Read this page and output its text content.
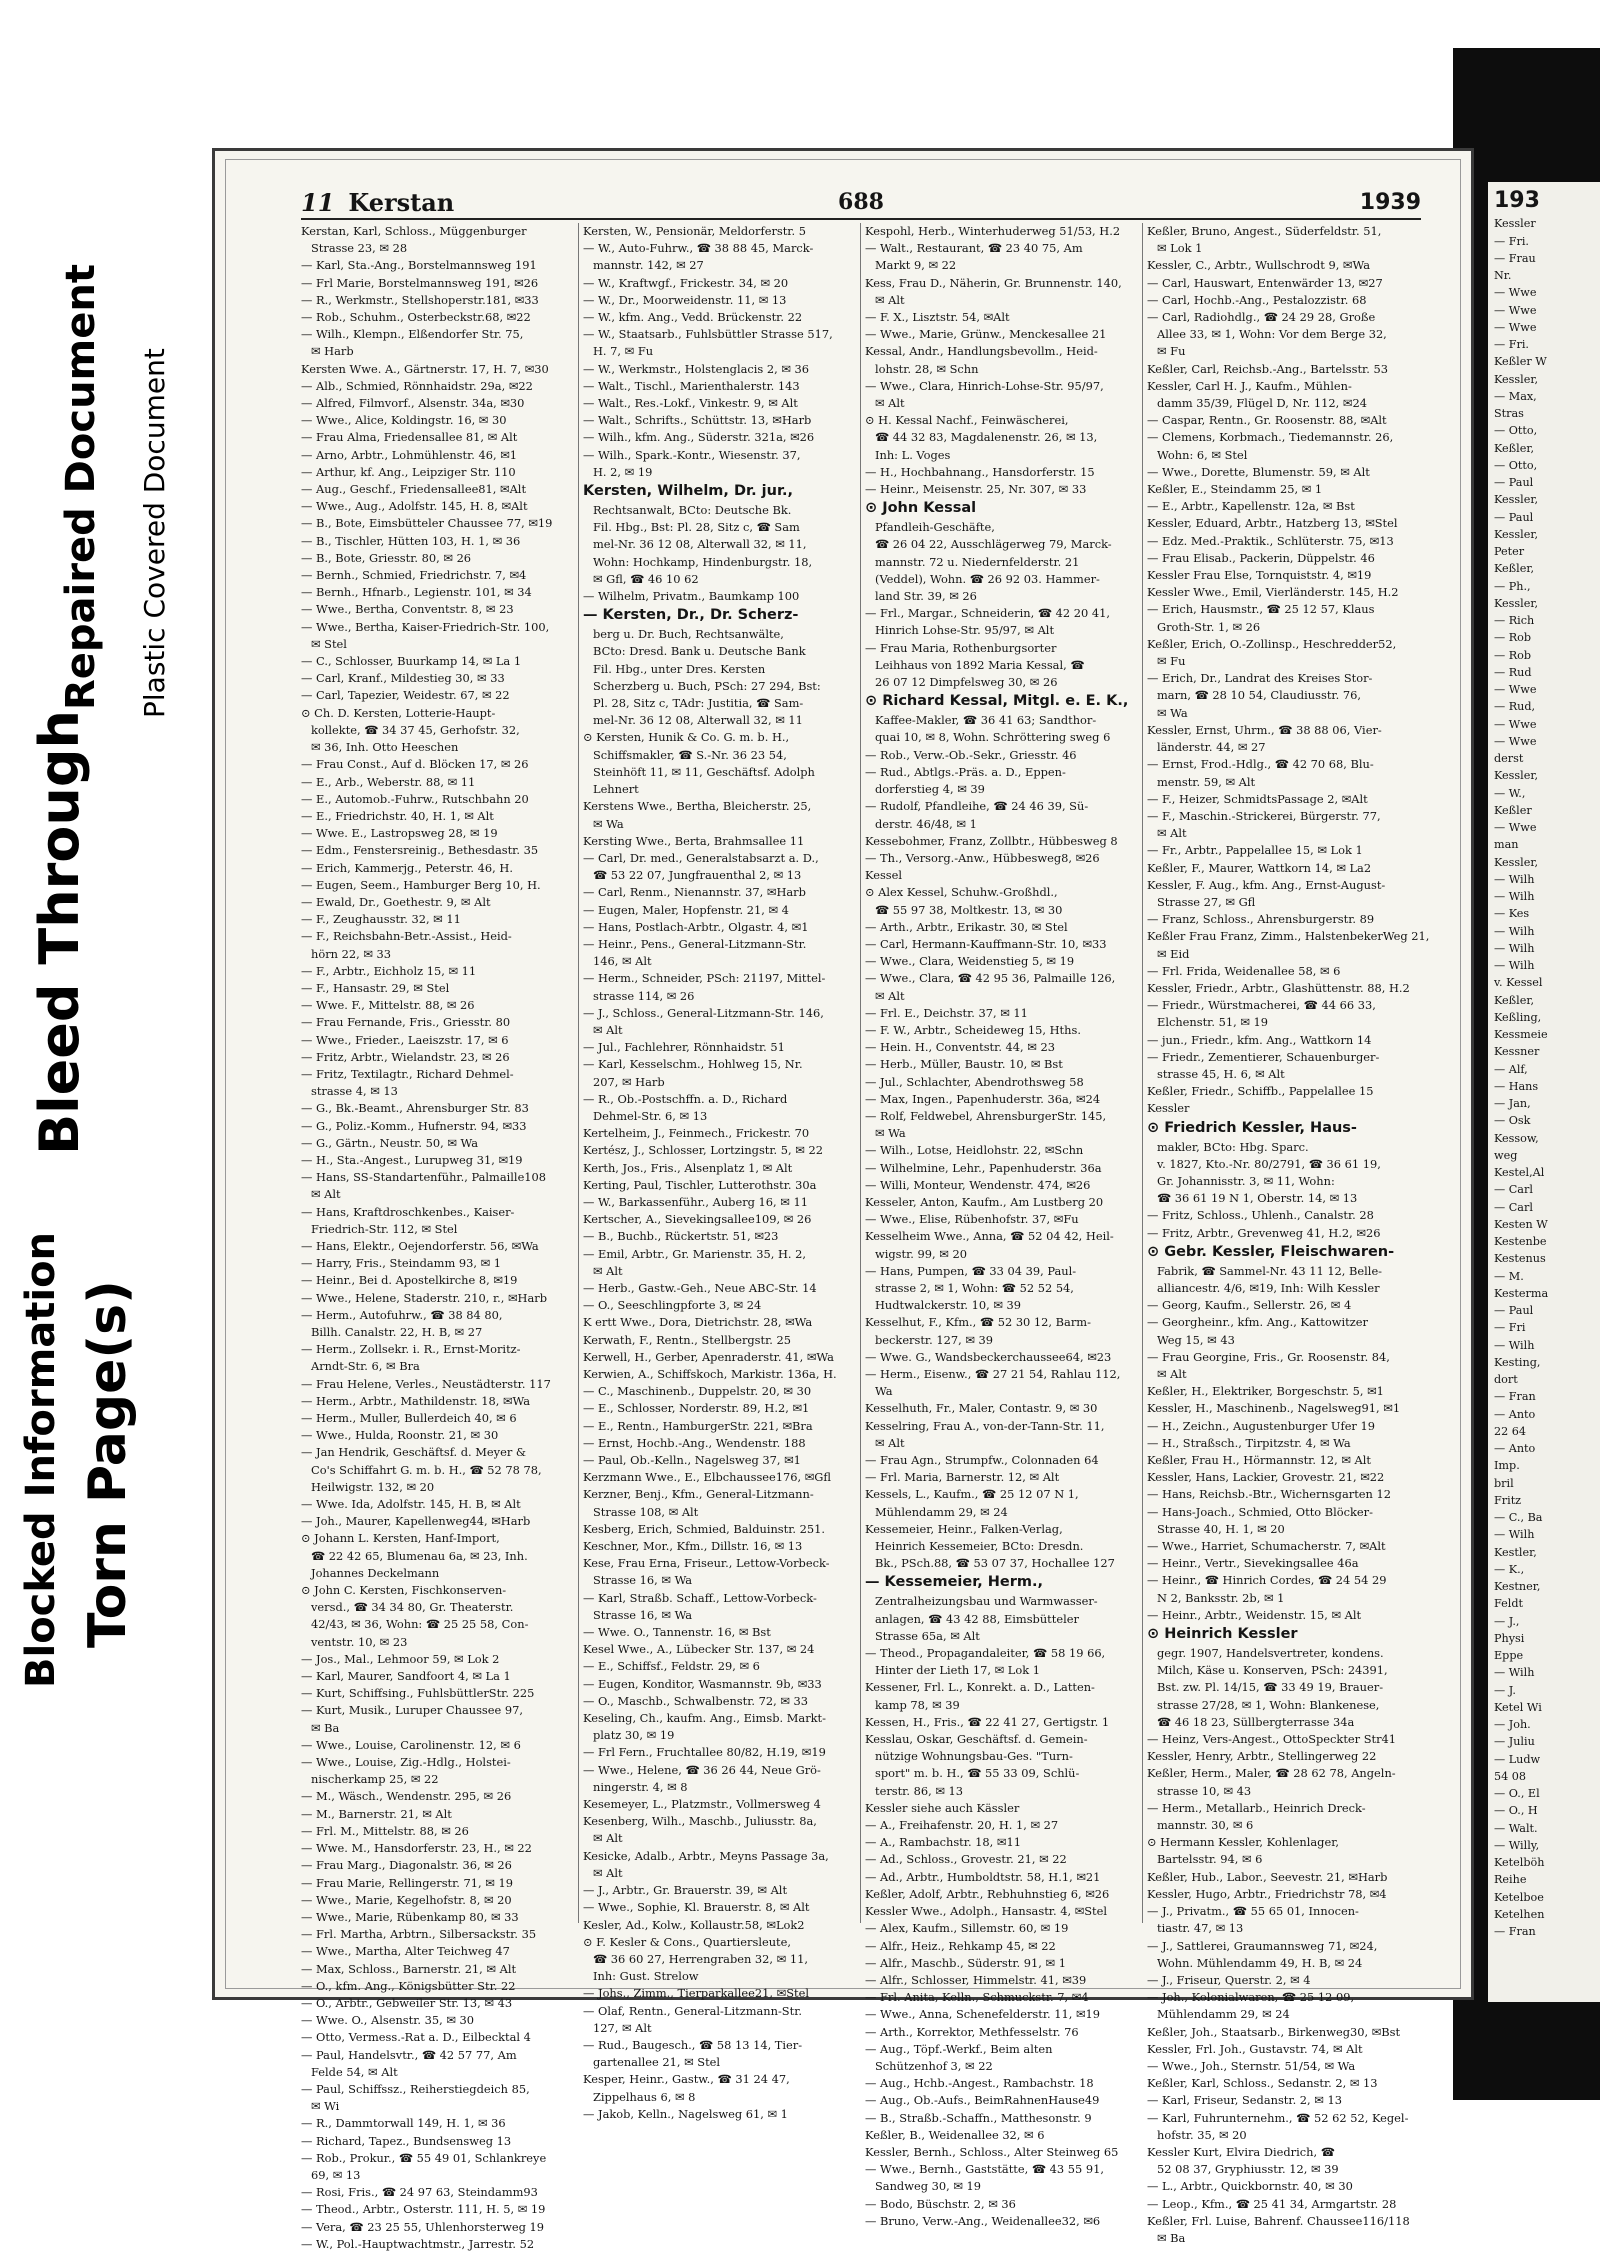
193
Kessler
— Fri.
— Frau
Nr.
— Wwe
— Wwe
— Wwe
— Fri.
Keßler W
Kessler,
— Max,
Stras
— Otto,
Keßler,
— Otto,
— Paul
Kessler,
— Paul
Kessler,
Peter
Keßler,
— Ph.,
Kessler,
— Rich
— Rob
— Rob
— Rud
— Wwe
— Rud,
— Wwe
— Wwe
derst
Kessler,
— W.,
Keßler
— Wwe
man
Kessler,
— Wilh
— Wilh
— Kes
— Wilh
— Wilh
— Wilh
v. Kessel
Keßler,
Keßling,
Kessmeie
Kessner
— Alf,
— Hans
— Jan,
— Osk
Kessow,
weg
Kestel,Al
— Carl
— Carl
Kesten W
Kestenbe
Kestenus
— M.
Kesterma
— Paul
— Fri
— Wilh
Kesting,
dort
— Fran
— Anto
22 64
— Anto
Imp.
bril
Fritz
— C., Ba
— Wilh
Kestler,
— K.,
Kestner,
Feldt
— J.,
Physi
Eppe
— Wilh
— J.
Ketel Wi
— Joh.
— Juliu
— Ludw
54 08
— O., El
— O., H
— Walt.
— Willy,
Ketelböh
Reihe
Ketelboe
Ketelhen
— Fran
11 Kerstan	688	1939
Kerstan, Karl, Schloss., Müggenburger
Strasse 23, ✉ 28
— Karl, Sta.-Ang., Borstelmannsweg 191
— Frl Marie, Borstelmannsweg 191, ✉26
— R., Werkmstr., Stellshoperstr.181, ✉33
— Rob., Schuhm., Osterbeckstr.68, ✉22
— Wilh., Klempn., Elßendorfer Str. 75,
✉ Harb
Kersten Wwe. A., Gärtnerstr. 17, H. 7, ✉30
— Alb., Schmied, Rönnhaidstr. 29a, ✉22
— Alfred, Filmvorf., Alsenstr. 34a, ✉30
— Wwe., Alice, Koldingstr. 16, ✉ 30
— Frau Alma, Friedensallee 81, ✉ Alt
— Arno, Arbtr., Lohmühlenstr. 46, ✉1
— Arthur, kf. Ang., Leipziger Str. 110
— Aug., Geschf., Friedensallee81, ✉Alt
— Wwe., Aug., Adolfstr. 145, H. 8, ✉Alt
— B., Bote, Eimsbütteler Chaussee 77, ✉19
— B., Tischler, Hütten 103, H. 1, ✉ 36
— B., Bote, Griesstr. 80, ✉ 26
— Bernh., Schmied, Friedrichstr. 7, ✉4
— Bernh., Hfnarb., Legienstr. 101, ✉ 34
— Wwe., Bertha, Conventstr. 8, ✉ 23
— Wwe., Bertha, Kaiser-Friedrich-Str. 100,
✉ Stel
— C., Schlosser, Buurkamp 14, ✉ La 1
— Carl, Kranf., Mildestieg 30, ✉ 33
— Carl, Tapezier, Weidestr. 67, ✉ 22
⊙ Ch. D. Kersten, Lotterie-Haupt-
kollekte, ☎ 34 37 45, Gerhofstr. 32,
✉ 36, Inh. Otto Heeschen
— Frau Const., Auf d. Blöcken 17, ✉ 26
— E., Arb., Weberstr. 88, ✉ 11
— E., Automob.-Fuhrw., Rutschbahn 20
— E., Friedrichstr. 40, H. 1, ✉ Alt
— Wwe. E., Lastropsweg 28, ✉ 19
— Edm., Fenstersreinig., Bethesdastr. 35
— Erich, Kammerjg., Peterstr. 46, H.
— Eugen, Seem., Hamburger Berg 10, H.
— Ewald, Dr., Goethestr. 9, ✉ Alt
— F., Zeughausstr. 32, ✉ 11
— F., Reichsbahn-Betr.-Assist., Heid-
hörn 22, ✉ 33
— F., Arbtr., Eichholz 15, ✉ 11
— F., Hansastr. 29, ✉ Stel
— Wwe. F., Mittelstr. 88, ✉ 26
— Frau Fernande, Fris., Griesstr. 80
— Wwe., Frieder., Laeiszstr. 17, ✉ 6
— Fritz, Arbtr., Wielandstr. 23, ✉ 26
— Fritz, Textilagtr., Richard Dehmel-
strasse 4, ✉ 13
— G., Bk.-Beamt., Ahrensburger Str. 83
— G., Poliz.-Komm., Hufnerstr. 94, ✉33
— G., Gärtn., Neustr. 50, ✉ Wa
— H., Sta.-Angest., Lurupweg 31, ✉19
— Hans, SS-Standartenführ., Palmaille108
✉ Alt
— Hans, Kraftdroschkenbes., Kaiser-
Friedrich-Str. 112, ✉ Stel
— Hans, Elektr., Oejendorferstr. 56, ✉Wa
— Harry, Fris., Steindamm 93, ✉ 1
— Heinr., Bei d. Apostelkirche 8, ✉19
— Wwe., Helene, Staderstr. 210, r., ✉Harb
— Herm., Autofuhrw., ☎ 38 84 80,
Billh. Canalstr. 22, H. B, ✉ 27
— Herm., Zollsekr. i. R., Ernst-Moritz-
Arndt-Str. 6, ✉ Bra
— Frau Helene, Verles., Neustädterstr. 117
— Herm., Arbtr., Mathildenstr. 18, ✉Wa
— Herm., Muller, Bullerdeich 40, ✉ 6
— Wwe., Hulda, Roonstr. 21, ✉ 30
— Jan Hendrik, Geschäftsf. d. Meyer &
Co's Schiffahrt G. m. b. H., ☎ 52 78 78,
Heilwigstr. 132, ✉ 20
— Wwe. Ida, Adolfstr. 145, H. B, ✉ Alt
— Joh., Maurer, Kapellenweg44, ✉Harb
⊙ Johann L. Kersten, Hanf-Import,
☎ 22 42 65, Blumenau 6a, ✉ 23, Inh.
Johannes Deckelmann
⊙ John C. Kersten, Fischkonserven-
versd., ☎ 34 34 80, Gr. Theaterstr.
42/43, ✉ 36, Wohn: ☎ 25 25 58, Con-
ventstr. 10, ✉ 23
— Jos., Mal., Lehmoor 59, ✉ Lok 2
— Karl, Maurer, Sandfoort 4, ✉ La 1
— Kurt, Schiffsing., FuhlsbüttlerStr. 225
— Kurt, Musik., Luruper Chaussee 97,
✉ Ba
— Wwe., Louise, Carolinenstr. 12, ✉ 6
— Wwe., Louise, Zig.-Hdlg., Holstei-
nischerkamp 25, ✉ 22
— M., Wäsch., Wendenstr. 295, ✉ 26
— M., Barnerstr. 21, ✉ Alt
— Frl. M., Mittelstr. 88, ✉ 26
— Wwe. M., Hansdorferstr. 23, H., ✉ 22
— Frau Marg., Diagonalstr. 36, ✉ 26
— Frau Marie, Rellingerstr. 71, ✉ 19
— Wwe., Marie, Kegelhofstr. 8, ✉ 20
— Wwe., Marie, Rübenkamp 80, ✉ 33
— Frl. Martha, Arbtrn., Silbersackstr. 35
— Wwe., Martha, Alter Teichweg 47
— Max, Schloss., Barnerstr. 21, ✉ Alt
— O., kfm. Ang., Königsbütter Str. 22
— O., Arbtr., Gebweiler Str. 13, ✉ 43
— Wwe. O., Alsenstr. 35, ✉ 30
— Otto, Vermess.-Rat a. D., Eilbecktal 4
— Paul, Handelsvtr., ☎ 42 57 77, Am
Felde 54, ✉ Alt
— Paul, Schiffssz., Reiherstiegdeich 85,
✉ Wi
— R., Dammtorwall 149, H. 1, ✉ 36
— Richard, Tapez., Bundsensweg 13
— Rob., Prokur., ☎ 55 49 01, Schlankreye
69, ✉ 13
— Rosi, Fris., ☎ 24 97 63, Steindamm93
— Theod., Arbtr., Osterstr. 111, H. 5, ✉ 19
— Vera, ☎ 23 25 55, Uhlenhorsterweg 19
— W., Pol.-Hauptwachtmstr., Jarrestr. 52
Kersten, W., Pensionär, Meldorferstr. 5
— W., Auto-Fuhrw., ☎ 38 88 45, Marck-
mannstr. 142, ✉ 27
— W., Kraftwgf., Frickestr. 34, ✉ 20
— W., Dr., Moorweidenstr. 11, ✉ 13
— W., kfm. Ang., Vedd. Brückenstr. 22
— W., Staatsarb., Fuhlsbüttler Strasse 517,
H. 7, ✉ Fu
— W., Werkmstr., Holstenglacis 2, ✉ 36
— Walt., Tischl., Marienthalerstr. 143
— Walt., Res.-Lokf., Vinkestr. 9, ✉ Alt
— Walt., Schrifts., Schüttstr. 13, ✉Harb
— Wilh., kfm. Ang., Süderstr. 321a, ✉26
— Wilh., Spark.-Kontr., Wiesenstr. 37,
H. 2, ✉ 19
Kersten, Wilhelm, Dr. jur.,
Rechtsanwalt, BCto: Deutsche Bk.
Fil. Hbg., Bst: Pl. 28, Sitz c, ☎ Sam
mel-Nr. 36 12 08, Alterwall 32, ✉ 11,
Wohn: Hochkamp, Hindenburgstr. 18,
✉ Gfl, ☎ 46 10 62
— Wilhelm, Privatm., Baumkamp 100
— Kersten, Dr., Dr. Scherz-
berg u. Dr. Buch, Rechtsanwälte,
BCto: Dresd. Bank u. Deutsche Bank
Fil. Hbg., unter Dres. Kersten
Scherzberg u. Buch, PSch: 27 294, Bst:
Pl. 28, Sitz c, TAdr: Justitia, ☎ Sam-
mel-Nr. 36 12 08, Alterwall 32, ✉ 11
⊙ Kersten, Hunik & Co. G. m. b. H.,
Schiffsmakler, ☎ S.-Nr. 36 23 54,
Steinhöft 11, ✉ 11, Geschäftsf. Adolph
Lehnert
Kerstens Wwe., Bertha, Bleicherstr. 25,
✉ Wa
Kersting Wwe., Berta, Brahmsallee 11
— Carl, Dr. med., Generalstabsarzt a. D.,
☎ 53 22 07, Jungfrauenthal 2, ✉ 13
— Carl, Renm., Nienannstr. 37, ✉Harb
— Eugen, Maler, Hopfenstr. 21, ✉ 4
— Hans, Postlach-Arbtr., Olgastr. 4, ✉1
— Heinr., Pens., General-Litzmann-Str.
146, ✉ Alt
— Herm., Schneider, PSch: 21197, Mittel-
strasse 114, ✉ 26
— J., Schloss., General-Litzmann-Str. 146,
✉ Alt
— Jul., Fachlehrer, Rönnhaidstr. 51
— Karl, Kesselschm., Hohlweg 15, Nr.
207, ✉ Harb
— R., Ob.-Postschffn. a. D., Richard
Dehmel-Str. 6, ✉ 13
Kertelheim, J., Feinmech., Frickestr. 70
Kertész, J., Schlosser, Lortzingstr. 5, ✉ 22
Kerth, Jos., Fris., Alsenplatz 1, ✉ Alt
Kerting, Paul, Tischler, Lutterothstr. 30a
— W., Barkassenführ., Auberg 16, ✉ 11
Kertscher, A., Sievekingsallee109, ✉ 26
— B., Buchb., Rückertstr. 51, ✉23
— Emil, Arbtr., Gr. Marienstr. 35, H. 2,
✉ Alt
— Herb., Gastw.-Geh., Neue ABC-Str. 14
— O., Seeschlingpforte 3, ✉ 24
K ertt Wwe., Dora, Dietrichstr. 28, ✉Wa
Kerwath, F., Rentn., Stellbergstr. 25
Kerwell, H., Gerber, Apenraderstr. 41, ✉Wa
Kerwien, A., Schiffskoch, Markistr. 136a, H.
— C., Maschinenb., Duppelstr. 20, ✉ 30
— E., Schlosser, Norderstr. 89, H.2, ✉1
— E., Rentn., HamburgerStr. 221, ✉Bra
— Ernst, Hochb.-Ang., Wendenstr. 188
— Paul, Ob.-Kelln., Nagelsweg 37, ✉1
Kerzmann Wwe., E., Elbchaussee176, ✉Gfl
Kerzner, Benj., Kfm., General-Litzmann-
Strasse 108, ✉ Alt
Kesberg, Erich, Schmied, Balduinstr. 251.
Keschner, Mor., Kfm., Dillstr. 16, ✉ 13
Kese, Frau Erna, Friseur., Lettow-Vorbeck-
Strasse 16, ✉ Wa
— Karl, Straßb. Schaff., Lettow-Vorbeck-
Strasse 16, ✉ Wa
— Wwe. O., Tannenstr. 16, ✉ Bst
Kesel Wwe., A., Lübecker Str. 137, ✉ 24
— E., Schiffsf., Feldstr. 29, ✉ 6
— Eugen, Konditor, Wasmannstr. 9b, ✉33
— O., Maschb., Schwalbenstr. 72, ✉ 33
Keseling, Ch., kaufm. Ang., Eimsb. Markt-
platz 30, ✉ 19
— Frl Fern., Fruchtallee 80/82, H.19, ✉19
— Wwe., Helene, ☎ 36 26 44, Neue Grö-
ningerstr. 4, ✉ 8
Kesemeyer, L., Platzmstr., Vollmersweg 4
Kesenberg, Wilh., Maschb., Juliusstr. 8a,
✉ Alt
Kesicke, Adalb., Arbtr., Meyns Passage 3a,
✉ Alt
— J., Arbtr., Gr. Brauerstr. 39, ✉ Alt
— Wwe., Sophie, Kl. Brauerstr. 8, ✉ Alt
Kesler, Ad., Kolw., Kollaustr.58, ✉Lok2
⊙ F. Kesler & Cons., Quartiersleute,
☎ 36 60 27, Herrengraben 32, ✉ 11,
Inh: Gust. Strelow
— Johs., Zimm., Tierparkallee21, ✉Stel
— Olaf, Rentn., General-Litzmann-Str.
127, ✉ Alt
— Rud., Baugesch., ☎ 58 13 14, Tier-
gartenallee 21, ✉ Stel
Kesper, Heinr., Gastw., ☎ 31 24 47,
Zippelhaus 6, ✉ 8
— Jakob, Kelln., Nagelsweg 61, ✉ 1
Kespohl, Herb., Winterhuderweg 51/53, H.2
— Walt., Restaurant, ☎ 23 40 75, Am
Markt 9, ✉ 22
Kess, Frau D., Näherin, Gr. Brunnenstr. 140,
✉ Alt
— F. X., Lisztstr. 54, ✉Alt
— Wwe., Marie, Grünw., Menckesallee 21
Kessal, Andr., Handlungsbevollm., Heid-
lohstr. 28, ✉ Schn
— Wwe., Clara, Hinrich-Lohse-Str. 95/97,
✉ Alt
⊙ H. Kessal Nachf., Feinwäscherei,
☎ 44 32 83, Magdalenenstr. 26, ✉ 13,
Inh: L. Voges
— H., Hochbahnang., Hansdorferstr. 15
— Heinr., Meisenstr. 25, Nr. 307, ✉ 33
⊙ John Kessal
Pfandleih-Geschäfte,
☎ 26 04 22, Ausschlägerweg 79, Marck-
mannstr. 72 u. Niedernfelderstr. 21
(Veddel), Wohn. ☎ 26 92 03. Hammer-
land Str. 39, ✉ 26
— Frl., Margar., Schneiderin, ☎ 42 20 41,
Hinrich Lohse-Str. 95/97, ✉ Alt
— Frau Maria, Rothenburgsorter
Leihhaus von 1892 Maria Kessal, ☎
26 07 12 Dimpfelsweg 30, ✉ 26
⊙ Richard Kessal, Mitgl. e. E. K.,
Kaffee-Makler, ☎ 36 41 63; Sandthor-
quai 10, ✉ 8, Wohn. Schröttering sweg 6
— Rob., Verw.-Ob.-Sekr., Griesstr. 46
— Rud., Abtlgs.-Präs. a. D., Eppen-
dorferstieg 4, ✉ 39
— Rudolf, Pfandleihe, ☎ 24 46 39, Sü-
derstr. 46/48, ✉ 1
Kessebohmer, Franz, Zollbtr., Hübbesweg 8
— Th., Versorg.-Anw., Hübbesweg8, ✉26
Kessel
⊙ Alex Kessel, Schuhw.-Großhdl.,
☎ 55 97 38, Moltkestr. 13, ✉ 30
— Arth., Arbtr., Erikastr. 30, ✉ Stel
— Carl, Hermann-Kauffmann-Str. 10, ✉33
— Wwe., Clara, Weidenstieg 5, ✉ 19
— Wwe., Clara, ☎ 42 95 36, Palmaille 126,
✉ Alt
— Frl. E., Deichstr. 37, ✉ 11
— F. W., Arbtr., Scheideweg 15, Hths.
— Hein. H., Conventstr. 44, ✉ 23
— Herb., Müller, Baustr. 10, ✉ Bst
— Jul., Schlachter, Abendrothsweg 58
— Max, Ingen., Papenhuderstr. 36a, ✉24
— Rolf, Feldwebel, AhrensburgerStr. 145,
✉ Wa
— Wilh., Lotse, Heidlohstr. 22, ✉Schn
— Wilhelmine, Lehr., Papenhuderstr. 36a
— Willi, Monteur, Wendenstr. 474, ✉26
Kesseler, Anton, Kaufm., Am Lustberg 20
— Wwe., Elise, Rübenhofstr. 37, ✉Fu
Kesselheim Wwe., Anna, ☎ 52 04 42, Heil-
wigstr. 99, ✉ 20
— Hans, Pumpen, ☎ 33 04 39, Paul-
strasse 2, ✉ 1, Wohn: ☎ 52 52 54,
Hudtwalckerstr. 10, ✉ 39
Kesselhut, F., Kfm., ☎ 52 30 12, Barm-
beckerstr. 127, ✉ 39
— Wwe. G., Wandsbeckerchaussee64, ✉23
— Herm., Eisenw., ☎ 27 21 54, Rahlau 112,
Wa
Kesselhuth, Fr., Maler, Contastr. 9, ✉ 30
Kesselring, Frau A., von-der-Tann-Str. 11,
✉ Alt
— Frau Agn., Strumpfw., Colonnaden 64
— Frl. Maria, Barnerstr. 12, ✉ Alt
Kessels, L., Kaufm., ☎ 25 12 07 N 1,
Mühlendamm 29, ✉ 24
Kessemeier, Heinr., Falken-Verlag,
Heinrich Kessemeier, BCto: Dresdn.
Bk., PSch.88, ☎ 53 07 37, Hochallee 127
— Kessemeier, Herm.,
Zentralheizungsbau und Warmwasser-
anlagen, ☎ 43 42 88, Eimsbütteler
Strasse 65a, ✉ Alt
— Theod., Propagandaleiter, ☎ 58 19 66,
Hinter der Lieth 17, ✉ Lok 1
Kessener, Frl. L., Konrekt. a. D., Latten-
kamp 78, ✉ 39
Kessen, H., Fris., ☎ 22 41 27, Gertigstr. 1
Kesslau, Oskar, Geschäftsf. d. Gemein-
nützige Wohnungsbau-Ges. "Turn-
sport" m. b. H., ☎ 55 33 09, Schlü-
terstr. 86, ✉ 13
Kessler siehe auch Kässler
— A., Freihafenstr. 20, H. 1, ✉ 27
— A., Rambachstr. 18, ✉11
— Ad., Schloss., Grovestr. 21, ✉ 22
— Ad., Arbtr., Humboldtstr. 58, H.1, ✉21
Keßler, Adolf, Arbtr., Rebhuhnstieg 6, ✉26
Kessler Wwe., Adolph., Hansastr. 4, ✉Stel
— Alex, Kaufm., Sillemstr. 60, ✉ 19
— Alfr., Heiz., Rehkamp 45, ✉ 22
— Alfr., Maschb., Süderstr. 91, ✉ 1
— Alfr., Schlosser, Himmelstr. 41, ✉39
— Frl. Anita, Kelln., Schmuckstr. 7, ✉4
— Wwe., Anna, Schenefelderstr. 11, ✉19
— Arth., Korrektor, Methfesselstr. 76
— Aug., Töpf.-Werkf., Beim alten
Schützenhof 3, ✉ 22
— Aug., Hchb.-Angest., Rambachstr. 18
— Aug., Ob.-Aufs., BeimRahnenHause49
— B., Straßb.-Schaffn., Matthesonstr. 9
Keßler, B., Weidenallee 32, ✉ 6
Kessler, Bernh., Schloss., Alter Steinweg 65
— Wwe., Bernh., Gaststätte, ☎ 43 55 91,
Sandweg 30, ✉ 19
— Bodo, Büschstr. 2, ✉ 36
— Bruno, Verw.-Ang., Weidenallee32, ✉6
Keßler, Bruno, Angest., Süderfeldstr. 51,
✉ Lok 1
Kessler, C., Arbtr., Wullschrodt 9, ✉Wa
— Carl, Hauswart, Entenwärder 13, ✉27
— Carl, Hochb.-Ang., Pestalozzistr. 68
— Carl, Radiohdlg., ☎ 24 29 28, Große
Allee 33, ✉ 1, Wohn: Vor dem Berge 32,
✉ Fu
Keßler, Carl, Reichsb.-Ang., Bartelsstr. 53
Kessler, Carl H. J., Kaufm., Mühlen-
damm 35/39, Flügel D, Nr. 112, ✉24
— Caspar, Rentn., Gr. Roosenstr. 88, ✉Alt
— Clemens, Korbmach., Tiedemannstr. 26,
Wohn: 6, ✉ Stel
— Wwe., Dorette, Blumenstr. 59, ✉ Alt
Keßler, E., Steindamm 25, ✉ 1
— E., Arbtr., Kapellenstr. 12a, ✉ Bst
Kessler, Eduard, Arbtr., Hatzberg 13, ✉Stel
— Edz. Med.-Praktik., Schlüterstr. 75, ✉13
— Frau Elisab., Packerin, Düppelstr. 46
Kessler Frau Else, Tornquiststr. 4, ✉19
Kessler Wwe., Emil, Vierländerstr. 145, H.2
— Erich, Hausmstr., ☎ 25 12 57, Klaus
Groth-Str. 1, ✉ 26
Keßler, Erich, O.-Zollinsp., Heschredder52,
✉ Fu
— Erich, Dr., Landrat des Kreises Stor-
marn, ☎ 28 10 54, Claudiusstr. 76,
✉ Wa
Kessler, Ernst, Uhrm., ☎ 38 88 06, Vier-
länderstr. 44, ✉ 27
— Ernst, Frod.-Hdlg., ☎ 42 70 68, Blu-
menstr. 59, ✉ Alt
— F., Heizer, SchmidtsPassage 2, ✉Alt
— F., Maschin.-Strickerei, Bürgerstr. 77,
✉ Alt
— Fr., Arbtr., Pappelallee 15, ✉ Lok 1
Keßler, F., Maurer, Wattkorn 14, ✉ La2
Kessler, F. Aug., kfm. Ang., Ernst-August-
Strasse 27, ✉ Gfl
— Franz, Schloss., Ahrensburgerstr. 89
Keßler Frau Franz, Zimm., HalstenbekerWeg 21,
✉ Eid
— Frl. Frida, Weidenallee 58, ✉ 6
Kessler, Friedr., Arbtr., Glashüttenstr. 88, H.2
— Friedr., Würstmacherei, ☎ 44 66 33,
Elchenstr. 51, ✉ 19
— jun., Friedr., kfm. Ang., Wattkorn 14
— Friedr., Zementierer, Schauenburger-
strasse 45, H. 6, ✉ Alt
Keßler, Friedr., Schiffb., Pappelallee 15
Kessler
⊙ Friedrich Kessler, Haus-
makler, BCto: Hbg. Sparc.
v. 1827, Kto.-Nr. 80/2791, ☎ 36 61 19,
Gr. Johannisstr. 3, ✉ 11, Wohn:
☎ 36 61 19 N 1, Oberstr. 14, ✉ 13
— Fritz, Schloss., Uhlenh., Canalstr. 28
— Fritz, Arbtr., Grevenweg 41, H.2, ✉26
⊙ Gebr. Kessler, Fleischwaren-
Fabrik, ☎ Sammel-Nr. 43 11 12, Belle-
alliancestr. 4/6, ✉19, Inh: Wilh Kessler
— Georg, Kaufm., Sellerstr. 26, ✉ 4
— Georgheinr., kfm. Ang., Kattowitzer
Weg 15, ✉ 43
— Frau Georgine, Fris., Gr. Roosenstr. 84,
✉ Alt
Keßler, H., Elektriker, Borgeschstr. 5, ✉1
Kessler, H., Maschinenb., Nagelsweg91, ✉1
— H., Zeichn., Augustenburger Ufer 19
— H., Straßsch., Tirpitzstr. 4, ✉ Wa
Keßler, Frau H., Hörmannstr. 12, ✉ Alt
Kessler, Hans, Lackier, Grovestr. 21, ✉22
— Hans, Reichsb.-Btr., Wichernsgarten 12
— Hans-Joach., Schmied, Otto Blöcker-
Strasse 40, H. 1, ✉ 20
— Wwe., Harriet, Schumacherstr. 7, ✉Alt
— Heinr., Vertr., Sievekingsallee 46a
— Heinr., ☎ Hinrich Cordes, ☎ 24 54 29
N 2, Banksstr. 2b, ✉ 1
— Heinr., Arbtr., Weidenstr. 15, ✉ Alt
⊙ Heinrich Kessler
gegr. 1907, Handelsvertreter, kondens.
Milch, Käse u. Konserven, PSch: 24391,
Bst. zw. Pl. 14/15, ☎ 33 49 19, Brauer-
strasse 27/28, ✉ 1, Wohn: Blankenese,
☎ 46 18 23, Süllbergterrasse 34a
— Heinz, Vers-Angest., OttoSpeckter Str41
Kessler, Henry, Arbtr., Stellingerweg 22
Keßler, Herm., Maler, ☎ 28 62 78, Angeln-
strasse 10, ✉ 43
— Herm., Metallarb., Heinrich Dreck-
mannstr. 30, ✉ 6
⊙ Hermann Kessler, Kohlenlager,
Bartelsstr. 94, ✉ 6
Keßler, Hub., Labor., Seevestr. 21, ✉Harb
Kessler, Hugo, Arbtr., Friedrichstr 78, ✉4
— J., Privatm., ☎ 55 65 01, Innocen-
tiastr. 47, ✉ 13
— J., Sattlerei, Graumannsweg 71, ✉24,
Wohn. Mühlendamm 49, H. B, ✉ 24
— J., Friseur, Querstr. 2, ✉ 4
— Joh., Kolonialwaren, ☎ 25 12 09,
Mühlendamm 29, ✉ 24
Keßler, Joh., Staatsarb., Birkenweg30, ✉Bst
Kessler, Frl. Joh., Gustavstr. 74, ✉ Alt
— Wwe., Joh., Sternstr. 51/54, ✉ Wa
Keßler, Karl, Schloss., Sedanstr. 2, ✉ 13
— Karl, Friseur, Sedanstr. 2, ✉ 13
— Karl, Fuhrunternehm., ☎ 52 62 52, Kegel-
hofstr. 35, ✉ 20
Kessler Kurt, Elvira Diedrich, ☎
52 08 37, Gryphiusstr. 12, ✉ 39
— L., Arbtr., Quickbornstr. 40, ✉ 30
— Leop., Kfm., ☎ 25 41 34, Armgartstr. 28
Keßler, Frl. Luise, Bahrenf. Chaussee116/118
✉ Ba
Blocked Information Torn Page(s)
Bleed Through
Repaired Document Plastic Covered Document
